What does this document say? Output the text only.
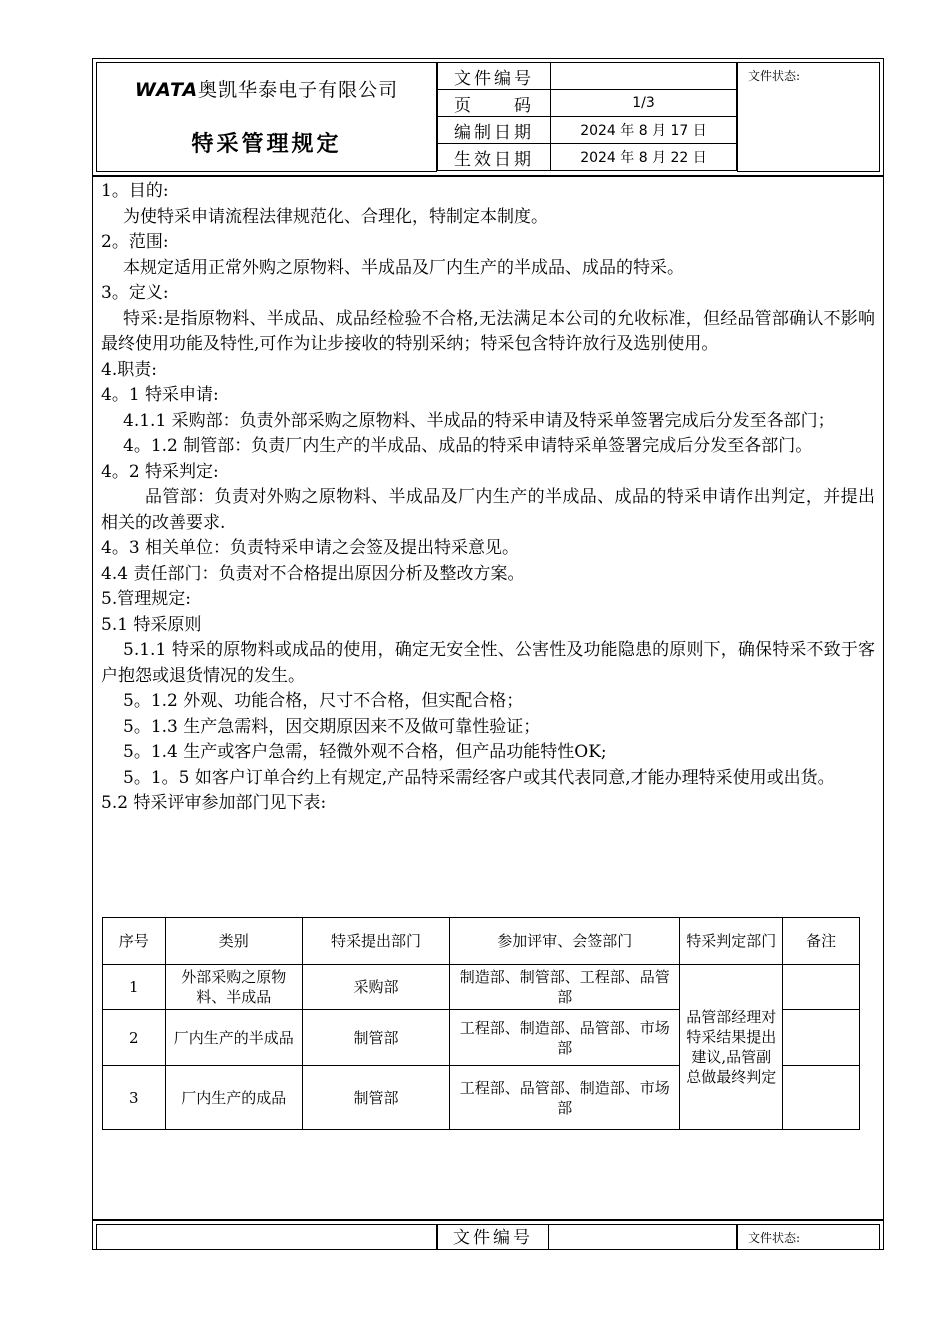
WATA奥凯华泰电子有限公司
特采管理规定
文件编号	
页　　码	1/3
编制日期	2024 年 8 月 17 日
生效日期	2024 年 8 月 22 日
文件状态:

1。目的:

为使特采申请流程法律规范化、合理化，特制定本制度。

2。范围:

本规定适用正常外购之原物料、半成品及厂内生产的半成品、成品的特采。

3。定义:

特采:是指原物料、半成品、成品经检验不合格,无法满足本公司的允收标准，但经品管部确认不影响最终使用功能及特性,可作为让步接收的特别采纳；特采包含特许放行及选别使用。

4.职责:

4。1 特采申请:

4.1.1 采购部：负责外部采购之原物料、半成品的特采申请及特采单签署完成后分发至各部门；

4。1.2 制管部：负责厂内生产的半成品、成品的特采申请特采单签署完成后分发至各部门。

4。2 特采判定:

品管部：负责对外购之原物料、半成品及厂内生产的半成品、成品的特采申请作出判定，并提出相关的改善要求.

4。3 相关单位：负责特采申请之会签及提出特采意见。

4.4 责任部门：负责对不合格提出原因分析及整改方案。

5.管理规定:

5.1 特采原则

5.1.1 特采的原物料或成品的使用，确定无安全性、公害性及功能隐患的原则下，确保特采不致于客户抱怨或退货情况的发生。

5。1.2 外观、功能合格，尺寸不合格，但实配合格；

5。1.3 生产急需料，因交期原因来不及做可靠性验证；

5。1.4 生产或客户急需，轻微外观不合格，但产品功能特性OK;

5。1。5 如客户订单合约上有规定,产品特采需经客户或其代表同意,才能办理特采使用或出货。

5.2 特采评审参加部门见下表:

序号	类别	特采提出部门	参加评审、会签部门	特采判定部门	备注
1	外部采购之原物料、半成品	采购部	制造部、制管部、工程部、品管部	品管部经理对特采结果提出建议,品管副总做最终判定	
2	厂内生产的半成品	制管部	工程部、制造部、品管部、市场部		
3	厂内生产的成品	制管部	工程部、品管部、制造部、市场部		
文件编号	文件状态:
